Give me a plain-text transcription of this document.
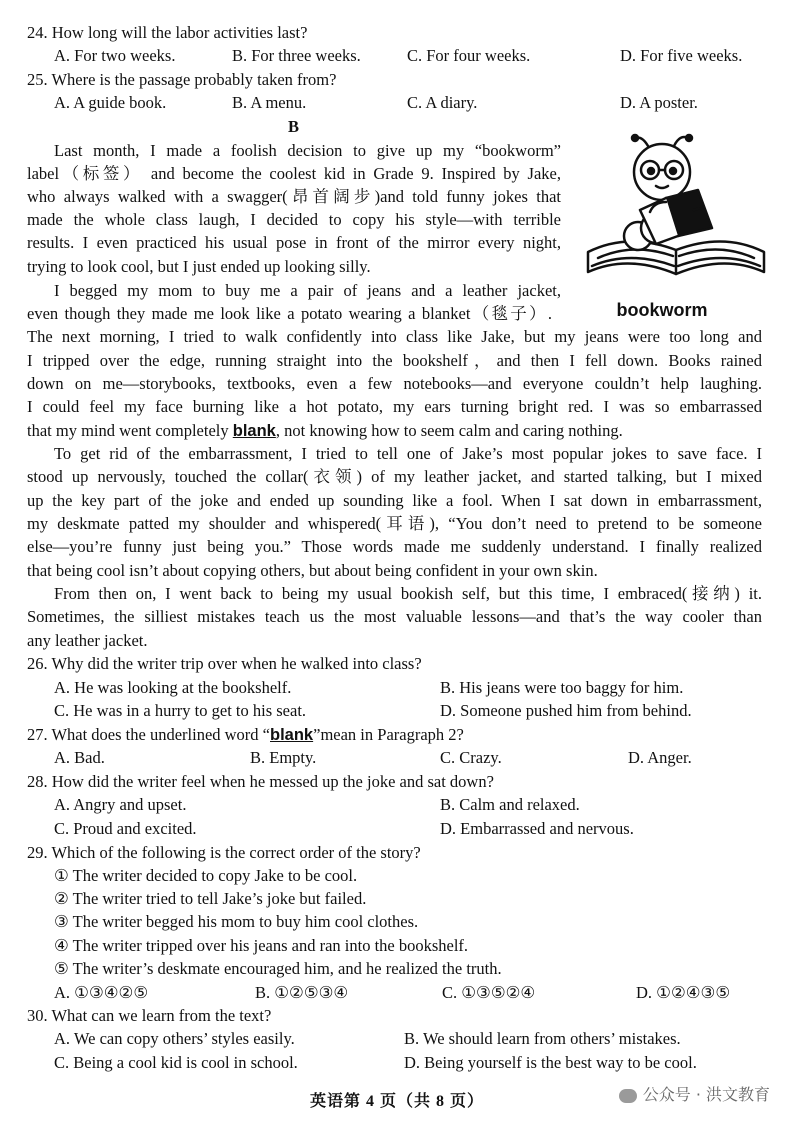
24. How long will the labor activities last?
A. For two weeks.	B. For three weeks.	C. For four weeks.	D. For five weeks.
25. Where is the passage probably taken from?
A. A guide book.	B. A menu.	C. A diary.	D. A poster.
B
Last month, I made a foolish decision to give up my “bookworm”
label（标签） and become the coolest kid in Grade 9. Inspired by Jake,
who always walked with a swagger(昂首阔步)and told funny jokes that
made the whole class laugh, I decided to copy his style—with terrible
results. I even practiced his usual pose in front of the mirror every night,
trying to look cool, but I just ended up looking silly.
I begged my mom to buy me a pair of jeans and a leather jacket,
even though they made me look like a potato wearing a blanket（毯子）.
The next morning, I tried to walk confidently into class like Jake, but my jeans were too long and
I tripped over the edge, running straight into the bookshelf，and then I fell down. Books rained
down on me—storybooks, textbooks, even a few notebooks—and everyone couldn’t help laughing.
I could feel my face burning like a hot potato, my ears turning bright red. I was so embarrassed
that my mind went completely blank, not knowing how to seem calm and caring nothing.
To get rid of the embarrassment, I tried to tell one of Jake’s most popular jokes to save face. I
stood up nervously, touched the collar(衣领) of my leather jacket, and started talking, but I mixed
up the key part of the joke and ended up sounding like a fool. When I sat down in embarrassment,
my deskmate patted my shoulder and whispered(耳语), “You don’t need to pretend to be someone
else—you’re funny just being you.” Those words made me suddenly understand. I finally realized
that being cool isn’t about copying others, but about being confident in your own skin.
From then on, I went back to being my usual bookish self, but this time, I embraced(接纳) it.
Sometimes, the silliest mistakes teach us the most valuable lessons—and that’s the way cooler than
any leather jacket.
bookworm
26. Why did the writer trip over when he walked into class?
A. He was looking at the bookshelf.	B. His jeans were too baggy for him.
C. He was in a hurry to get to his seat.	D. Someone pushed him from behind.
27. What does the underlined word “blank”mean in Paragraph 2?
A. Bad.	B. Empty.	C. Crazy.	D. Anger.
28. How did the writer feel when he messed up the joke and sat down?
A. Angry and upset.	B. Calm and relaxed.
C. Proud and excited.	D. Embarrassed and nervous.
29. Which of the following is the correct order of the story?
① The writer decided to copy Jake to be cool.
② The writer tried to tell Jake’s joke but failed.
③ The writer begged his mom to buy him cool clothes.
④ The writer tripped over his jeans and ran into the bookshelf.
⑤ The writer’s deskmate encouraged him, and he realized the truth.
A. ①③④②⑤	B. ①②⑤③④	C. ①③⑤②④	D. ①②④③⑤
30. What can we learn from the text?
A. We can copy others’ styles easily.	B. We should learn from others’ mistakes.
C. Being a cool kid is cool in school.	D. Being yourself is the best way to be cool.
英语第 4 页（共 8 页）	公众号 · 洪文教育
